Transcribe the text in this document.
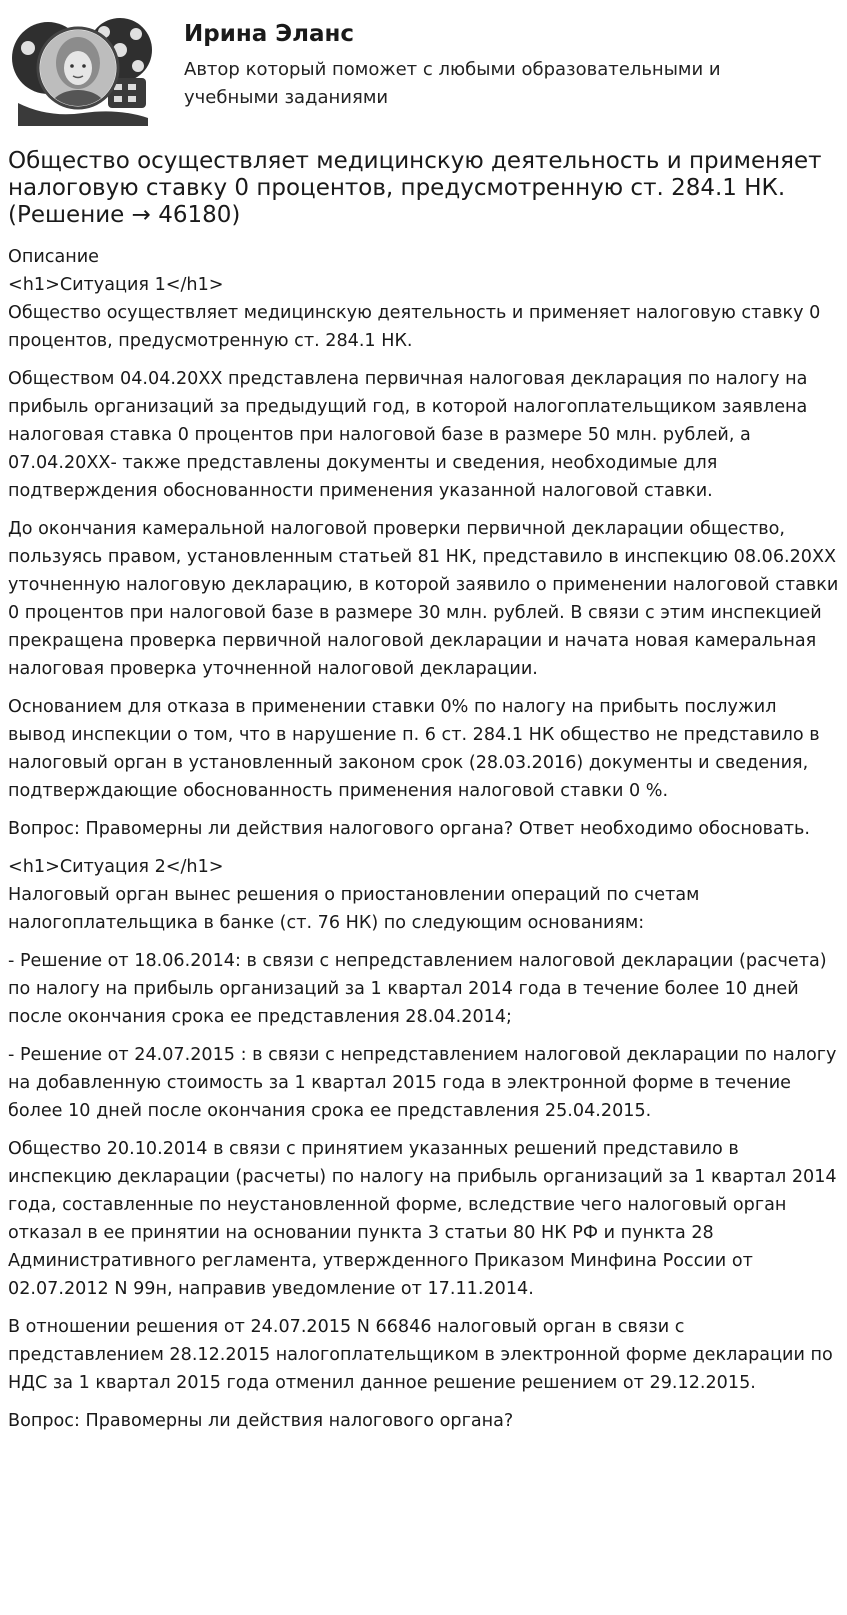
Ирина Эланс
Автор который поможет с любыми образовательными и учебными заданиями
Общество осуществляет медицинскую деятельность и применяет налоговую ставку 0 процентов, предусмотренную ст. 284.1 НК. (Решение → 46180)
Описание
<h1>Ситуация 1</h1>

Общество осуществляет медицинскую деятельность и применяет налоговую ставку 0 процентов, предусмотренную ст. 284.1 НК.

Обществом 04.04.20ХХ представлена первичная налоговая декларация по налогу на прибыль организаций за предыдущий год, в которой налогоплательщиком заявлена налоговая ставка 0 процентов при налоговой базе в размере 50 млн. рублей, а 07.04.20ХХ- также представлены документы и сведения, необходимые для подтверждения обоснованности применения указанной налоговой ставки.

До окончания камеральной налоговой проверки первичной декларации общество, пользуясь правом, установленным статьей 81 НК, представило в инспекцию 08.06.20ХХ уточненную налоговую декларацию, в которой заявило о применении налоговой ставки 0 процентов при налоговой базе в размере 30 млн. рублей. В связи с этим инспекцией прекращена проверка первичной налоговой декларации и начата новая камеральная налоговая проверка уточненной налоговой декларации.

Основанием для отказа в применении ставки 0% по налогу на прибыть послужил вывод инспекции о том, что в нарушение п. 6 ст. 284.1 НК общество не представило в налоговый орган в установленный законом срок (28.03.2016) документы и сведения, подтверждающие обоснованность применения налоговой ставки 0 %.

Вопрос: Правомерны ли действия налогового органа? Ответ необходимо обосновать.

<h1>Ситуация 2</h1>

Налоговый орган вынес решения о приостановлении операций по счетам налогоплательщика в банке (ст. 76 НК) по следующим основаниям:

- Решение от 18.06.2014: в связи с непредставлением налоговой декларации (расчета) по налогу на прибыль организаций за 1 квартал 2014 года в течение более 10 дней после окончания срока ее представления 28.04.2014;

- Решение от 24.07.2015 : в связи с непредставлением налоговой декларации по налогу на добавленную стоимость за 1 квартал 2015 года в электронной форме в течение более 10 дней после окончания срока ее представления 25.04.2015.

Общество 20.10.2014 в связи с принятием указанных решений представило в инспекцию декларации (расчеты) по налогу на прибыль организаций за 1 квартал 2014 года, составленные по неустановленной форме, вследствие чего налоговый орган отказал в ее принятии на основании пункта 3 статьи 80 НК РФ и пункта 28 Административного регламента, утвержденного Приказом Минфина России от 02.07.2012 N 99н, направив уведомление от 17.11.2014.

В отношении решения от 24.07.2015 N 66846 налоговый орган в связи с представлением 28.12.2015 налогоплательщиком в электронной форме декларации по НДС за 1 квартал 2015 года отменил данное решение решением от 29.12.2015.

Вопрос: Правомерны ли действия налогового органа?
